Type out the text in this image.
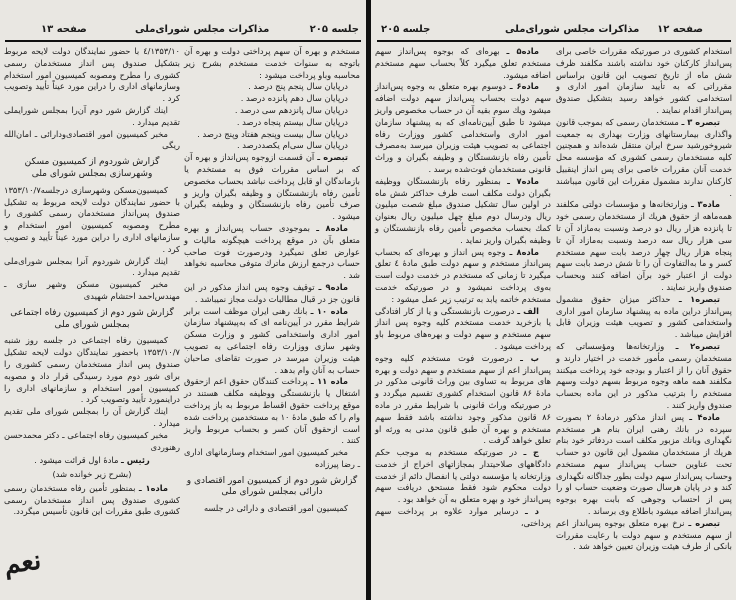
صفحه ۱۳	مذاکرات مجلس شورای‌ملی	جلسه ۲۰۵

مستخدم و بهره آن سهم پرداختی دولت و بهره آن باتوجه به سنوات خدمت مستخدم بشرح زیر محاسبه وباو پرداخت میشود :

درپایان سال پنجم پنج درصد .

درپایان سال دهم پانزده درصد .

درپایان سال پانزدهم سی درصد .

درپایان سال بیستم پنجاه درصد .

درپایان سال بیست وپنجم هفتاد وپنج درصد .

درپایان سال سی‌ام یکصددرصد .

تبصره ـ آن قسمت ازوجوه پس‌انداز و بهره آن که بر اساس مقررات فوق به مستخدم یا بازماندگان او قابل پرداخت نباشد بحساب مخصوص تأمین رفاه بازنشستگان و وظیفه بگیران واریز و صرف تأمین رفاه بازنشستگان و وظیفه بگیران میشود .

ماده۸ ـ بموجودی حساب پس‌انداز و بهره متعلق بآن در موقع پرداخت هیچگونه مالیات و عوارض تعلق نمیگیرد ودرصورت فوت صاحب حساب درجمع ارزش ماترك متوفی محاسبه نخواهد شد .

ماده۹ ـ توقیف وجوه پس انداز مذکور در این قانون جز در قبال مطالبات دولت مجاز نمیباشد .

ماده ۱۰ ـ بانك رهنی ایران موظف است برابر شرایط مقرر در آیین‌نامه ای که به‌پیشنهاد سازمان امور اداری واستخدامی کشور و وزارت مسکن وشهر سازی ووزارت رفاه اجتماعی به تصویب هیئت وزیران میرسد در صورت تقاضای صاحبان حساب به آنان وام بدهد .

ماده ۱۱ ـ پرداخت کنندگان حقوق اعم ازحقوق اشتغال یا بازنشستگی ووظیفه مکلف هستند در موقع پرداخت حقوق اقساط مربوط به باز پرداخت وام را که طبق مادهٔ ۱۰ به مستخدمین پرداخت شده است ازحقوق آنان کسر و بحساب مربوط واریز کنند .

مخبر کمیسیون امور استخدام وسازمانهای اداری ـ رضا پیرزاده

گزارش شور دوم از کمیسیون امور اقتصادی و دارائی بمجلس شورای ملی

کمیسیون امور اقتصادی و دارائی در جلسه

۱۳۵۳/۱۰/٤ با حضور نمایندگان دولت لایحه مربوط بتشکیل صندوق پس انداز مستخدمان رسمی کشوری را مطرح ومصوبه کمیسیون امور استخدام وسازمانهای اداری را دراین مورد عیناً تأیید وتصویب کرد .

اینك گزارش شور دوم آن‌را بمجلس شورایملی تقدیم میدارد .

مخبر کمیسیون امور اقتصادی‌ودارائی ـ امان‌الله ریگی

گزارش شوردوم از کمیسیون مسکن وشهرسازی بمجلس شورای ملی

کمیسیون‌مسکن وشهرسازی درجلسه۱۳۵۳/۱۰/۷ با حضور نمایندگان دولت لایحه مربوط به تشکیل صندوق پس‌انداز مستخدمان رسمی کشوری را مطرح ومصوبه کمیسیون امور استخدام و سازمانهای اداری را دراین مورد عیناً تأیید و تصویب کرد .

اینك گزارش شوردوم آنرا بمجلس شورای‌ملی تقدیم میدارد .

مخبر کمیسیون مسکن وشهر سازی ـ مهندس‌احمد احتشام شهیدی

گزارش شور دوم از کمیسیون رفاه اجتماعی بمجلس شورای ملی

کمیسیون رفاه اجتماعی در جلسه روز شنبه ۱۳۵۳/۱۰/۷ باحضور نمایندگان دولت لایحه تشکیل صندوق پس انداز مستخدمان رسمی کشوری را برای شور دوم مورد رسیدگی قرار داد و مصوبه کمیسیون امور استخدام و سازمانهای اداری را دراینمورد تأیید وتصویب کرد .

اینك گزارش آن را بمجلس شورای ملی تقدیم میدارد .

مخبر کمیسیون رفاه اجتماعی ـ دکتر محمدحسن رهنوردی

رئیس ـ مادهٔ اول قرائت میشود .

(بشرح زیر خوانده شد)

ماده۱ ـ بمنظور تأمین رفاه مستخدمان رسمی کشوری صندوق پس انداز مستخدمان رسمی کشوری طبق مقررات این قانون تأسیس میگردد.

نعم
جلسه ۲۰۵	مذاکرات مجلس شورای‌ملی صفحه ۱۲

استخدام کشوری در صورتیکه مقررات خاصی برای پس‌انداز کارکنان خود نداشته باشند مکلفند ظرف شش ماه از تاریخ تصویب این قانون براساس مقرراتی که به تأیید سازمان امور اداری و استخدامی کشور خواهد رسید بتشکیل صندوق پس‌انداز اقدام نمایند .

تبصره ۳ ـ مستخدمان رسمی که بموجب قانون واگذاری بیمارستانهای وزارت بهداری به جمعیت شیروخورشید سرخ ایران منتقل شده‌اند و همچنین کلیه مستخدمان رسمی کشوری که مؤسسه محل خدمت آنان مقررات خاصی برای پس انداز اینقبیل کارکنان ندارند مشمول مقررات این قانون میباشند .

ماده۳ ـ وزارتخانه‌ها و مؤسسات دولتی مکلفند همه‌ماهه از حقوق هریك از مستخدمان رسمی خود تا پانزده هزار ریال دو درصد ونسبت به‌مازاد آن تا سی هزار ریال سه درصد ونسبت به‌مازاد آن تا پنجاه هزار ریال چهار درصد بابت سهم مستخدم کسر و ما به‌التفاوت آن را تا شش درصد بابت سهم دولت از اعتبار خود برآن اضافه کنند وبحساب صندوق واریز نمایند .

تبصره۱ ـ حداکثر میزان حقوق مشمول پس‌انداز دراین ماده به پیشنهاد سازمان امور اداری واستخدامی کشور و تصویب هیئت وزیران قابل افزایش میباشد .

تبصره۲ ـ وزارتخانه‌ها ومؤسساتی که مستخدمان رسمی مأمور خدمت در اختیار دارند و حقوق آنان را از اعتبار و بودجه خود پرداخت میکنند مکلفند همه ماهه وجوه مربوط بسهم دولت وسهم مستخدم را بترتیب مذکور در این ماده بحساب صندوق واریز کنند .

ماده۴ ـ پس انداز مذکور درمادهٔ ۲ بصورت سپرده در بانك رهنی ایران بنام هر مستخدم نگهداری وبانك مزبور مکلف است دردفاتر خود بنام هریك از مستخدمان مشمول این قانون دو حساب تحت عناوین حساب پس‌انداز سهم مستخدم وحساب پس‌انداز سهم دولت بطور جداگانه نگهداری کند و در پایان هرسال صورت وضعیت حساب او را پس از احتساب وجوهی که بابت بهره بوجوه پس‌انداز اضافه میشود باطلاع وی برساند .

تبصره ـ نرخ بهره متعلق بوجوه پس‌انداز اعم از سهم مستخدم و سهم دولت با رعایت مقررات بانکی از طرف هیئت وزیران تعیین خواهد شد .

ماده۵ ـ بهره‌ای که بوجوه پس‌انداز سهم مستخدم تعلق میگیرد کلاً بحساب سهم مستخدم اضافه میشود.

ماده۶ ـ دوسوم بهره متعلق به وجوه پس‌انداز سهم دولت بحساب پس‌انداز سهم دولت اضافه میشود ویك سوم بقیه آن در حساب مخصوص واریز میشود تا طبق آیین‌نامه‌ای که به پیشنهاد سازمان امور اداری واستخدامی کشور ووزارت رفاه اجتماعی به تصویب هیئت وزیران میرسد به‌مصرف تأمین رفاه بازنشستگان و وظیفه بگیران و وراث قانونی مستخدمان فوت‌شده برسد .

ماده۷ ـ بمنظور رفاه بازنشستگان ووظیفه بگیران دولت مکلف است ظرف حداکثر شش ماه در اولین سال تشکیل صندوق مبلغ شصت میلیون ریال ودرسال دوم مبلغ چهل میلیون ریال بعنوان کمك بحساب مخصوص تأمین رفاه بازنشستگان و وظیفه بگیران واریز نماید .

ماده۸ ـ وجوه پس انداز و بهره‌ای که بحساب پس‌انداز مستخدم و سهم دولت طبق مادهٔ ٤ تعلق میگیرد تا زمانی که مستخدم در خدمت دولت است به‌وی پرداخت نمیشود و در صورتیکه خدمت مستخدم خاتمه یابد به ترتیب زیر عمل میشود :

الف ـ درصورت بازنشستگی و یا از کار افتادگی یا بازخرید خدمت مستخدم کلیه وجوه پس انداز سهم مستخدم و سهم دولت و بهره‌های مربوط باو پرداخت میشود .

ب ـ درصورت فوت مستخدم کلیه وجوه پس‌انداز اعم از سهم مستخدم و سهم دولت و بهره های مربوط به تساوی بین وراث قانونی مذکور در مادهٔ ۸۶ قانون استخدام کشوری تقسیم میگردد و در صورتیکه وراث قانونی با شرایط مقرر در ماده ۸۶ قانون مذکور وجود نداشته باشد فقط سهم مستخدم و بهره آن طبق قانون مدنی به ورثه او تعلق خواهد گرفت .

ج ـ در صورتیکه مستخدم به موجب حکم دادگاههای صلاحیتدار بمجازاتهای اخراج از خدمت وزارتخانه یا مؤسسه دولتی یا انفصال دائم از خدمت دولت محکوم شود فقط مستحق دریافت سهم پس‌انداز خود و بهره متعلق به آن خواهد بود .

د ـ درسایر موارد علاوه بر پرداخت سهم پرداختی،
